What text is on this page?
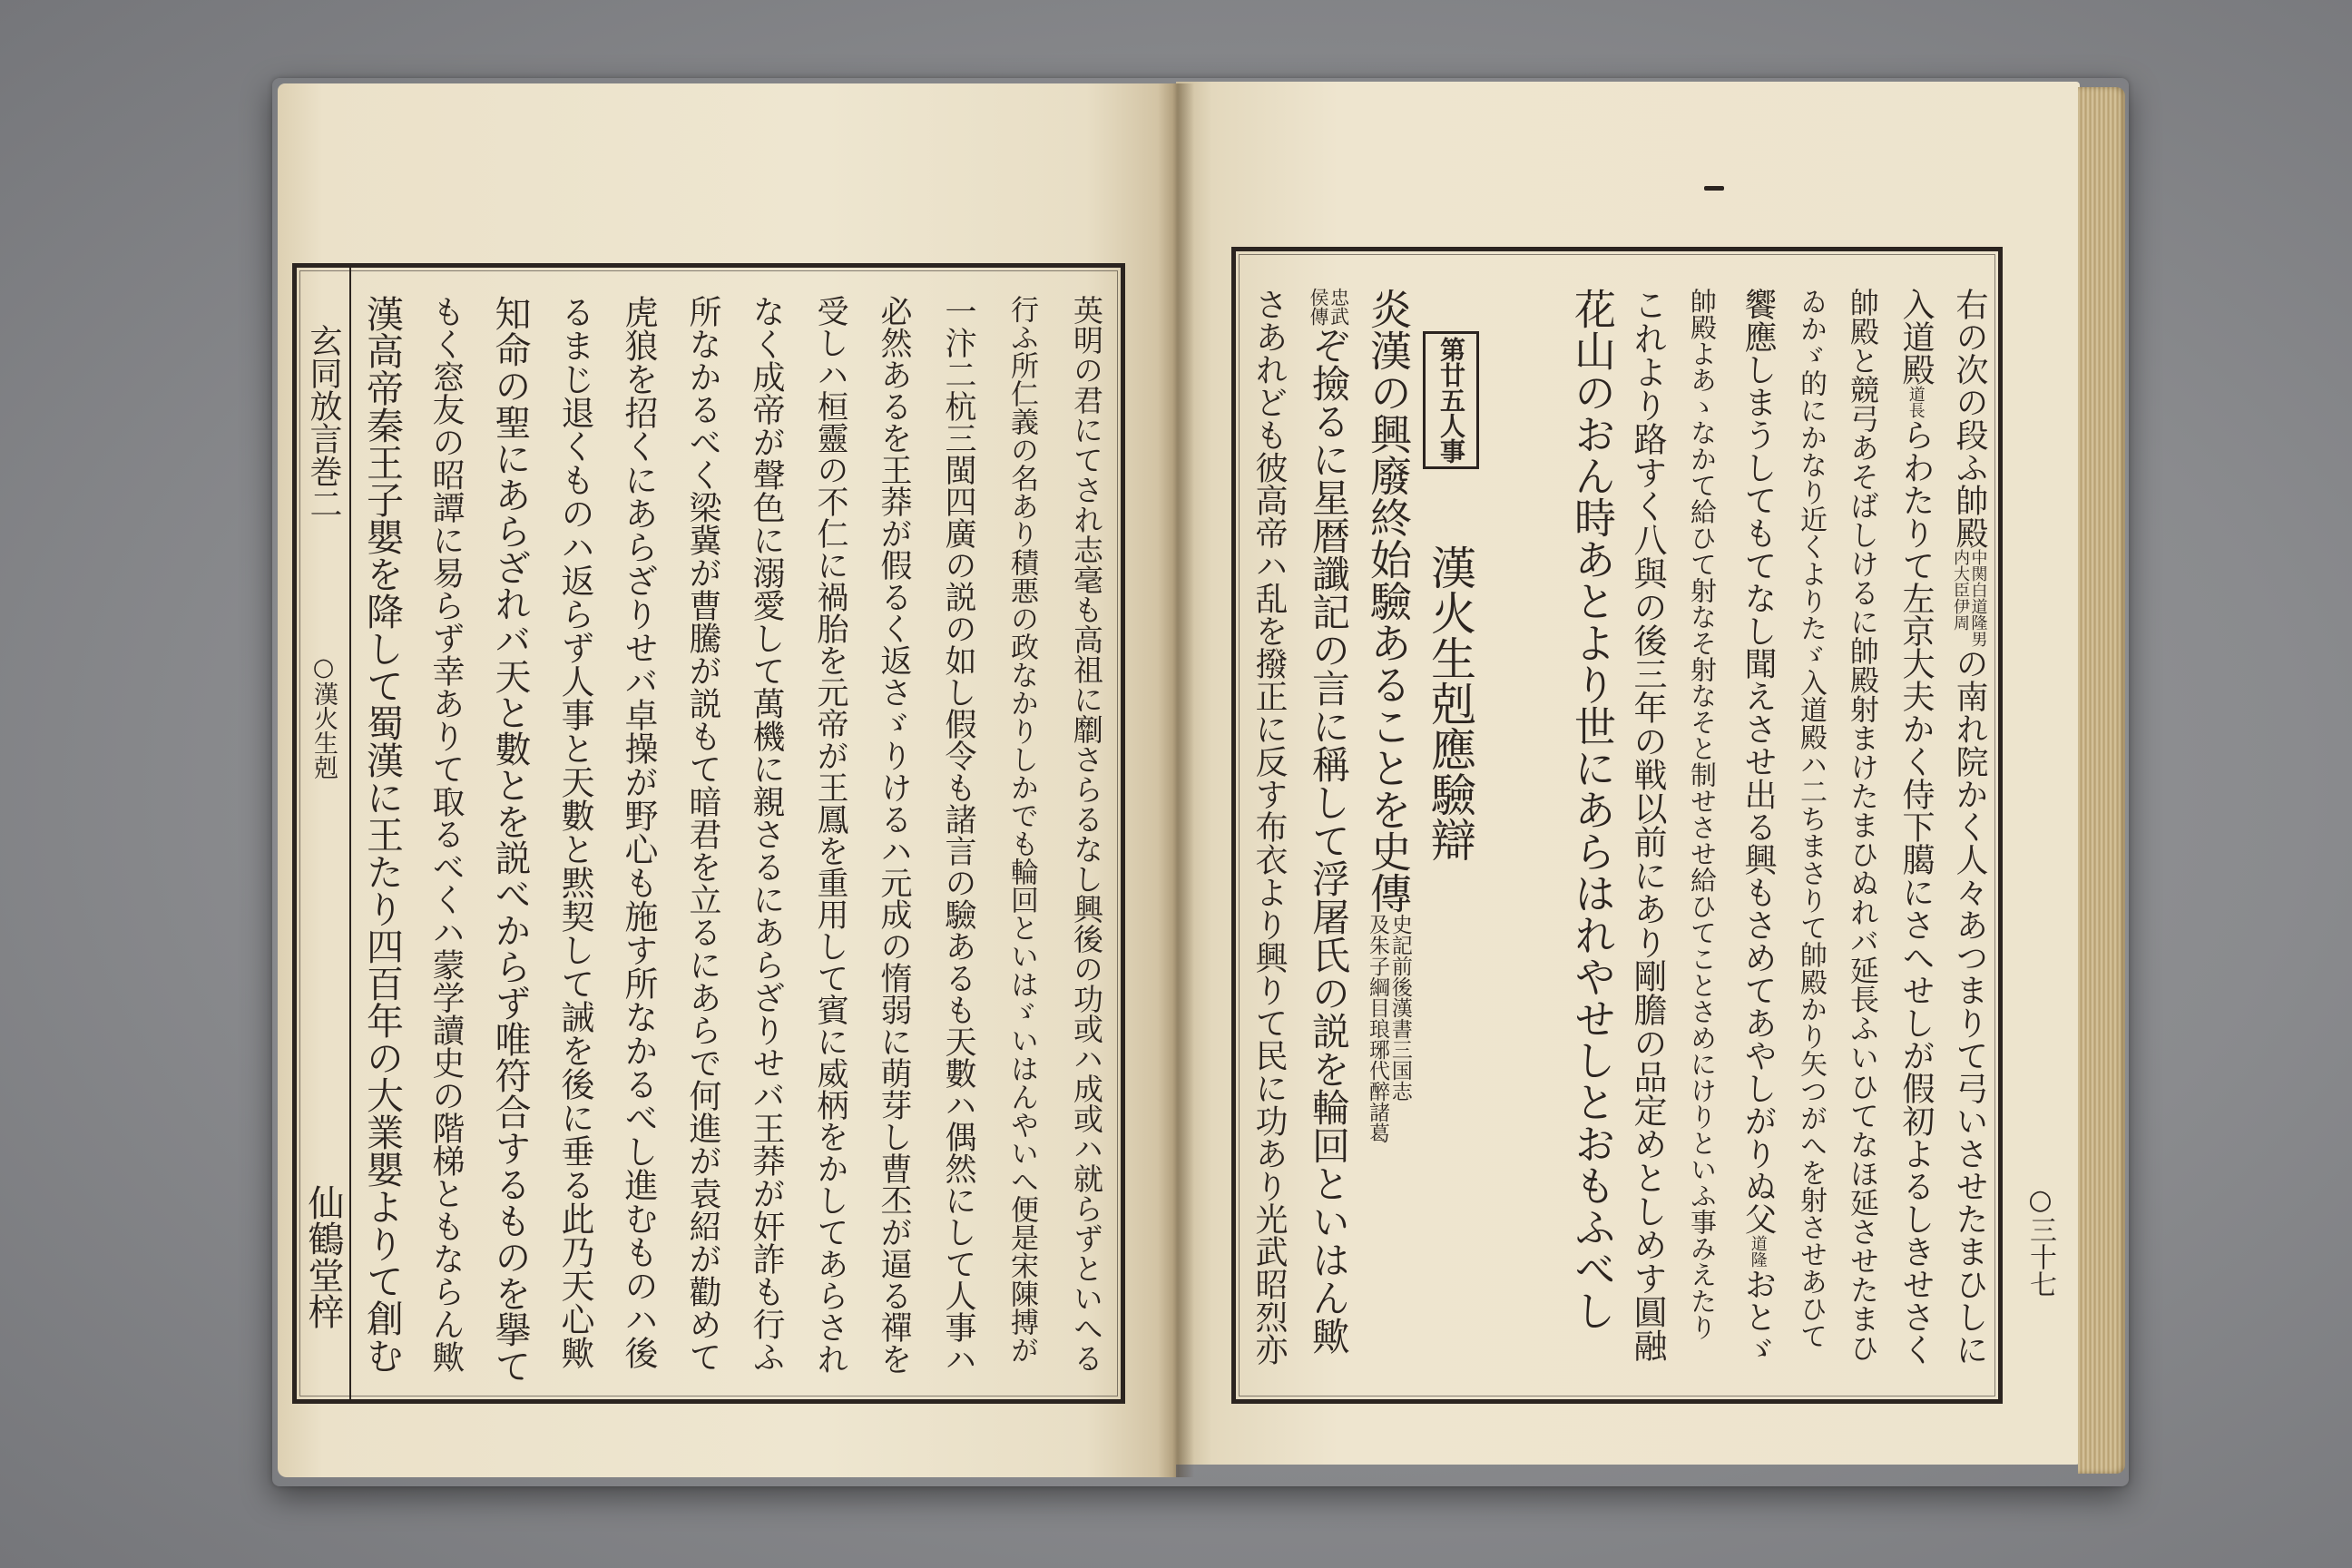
玄同放言巻二
○漢火生剋
仙鶴堂梓	英明の君にてされ志毫も高祖に劘さらるなし興後の功或ハ成或ハ就らずといへる
行ふ所仁義の名あり積悪の政なかりしかでも輪回といはゞいはんやいへ便是宋陳搏が
一汴二杭三閩四廣の説の如し假令も諸言の驗あるも天數ハ偶然にして人事ハ
必然あるを王莽が假るく返さゞりけるハ元成の惰弱に萌芽し曹丕が逼る禪を
受しハ桓靈の不仁に禍胎を元帝が王鳳を重用して賓に威柄をかしてあらされ
なく成帝が聲色に溺愛して萬機に親さるにあらざりせバ王莽が奸詐も行ふ
所なかるべく梁冀が曹騰が説もて暗君を立るにあらで何進が袁紹が勸めて
虎狼を招くにあらざりせバ卓操が野心も施す所なかるべし進むものハ後
るまじ退くものハ返らず人事と天數と黙契して誡を後に垂る此乃天心歟
知命の聖にあらざれバ天と數とを説べからず唯符合するものを擧て
もく窓友の昭譚に易らず幸ありて取るべくハ蒙学讀史の階梯ともならん歟
漢高帝秦王子嬰を降して蜀漢に王たり四百年の大業嬰よりて創む	右の次の段ふ帥殿
中関白道隆男
内大臣伊周
の南れ院かく人々あつまりて弓いさせたまひしに
入道殿
道長
らわたりて左京大夫かく侍下臈にさへせしが假初よるしきせさく
帥殿と競弓あそばしけるに帥殿射まけたまひぬれバ延長ふいひてなほ延させたまひ
ゐかゞ的にかなり近くよりたゞ入道殿ハ二ちまさりて帥殿かり矢つがへを射させあひて
饗應しまうしてもてなし聞えさせ出る興もさめてあやしがりぬ父
道隆
おとゞ
帥殿よあゝなかて給ひて射なそ射なそと制せさせ給ひてことさめにけりといふ事みえたり
これより路すく八與の後三年の戦以前にあり剛膽の品定めとしめす圓融
花山のおん時あとより世にあらはれやせしとおもふべし
第廿五人事
漢火生剋應驗辯
炎漢の興廢終始驗あることを史傳
史記前後漢書三国志
及朱子綱目琅琊代醉諸葛
忠武
侯傳
ぞ撿るに星暦讖記の言に稱して浮屠氏の説を輪回といはん歟
さあれども彼高帝ハ乱を撥正に反す布衣より興りて民に功あり光武昭烈亦	○三十七
